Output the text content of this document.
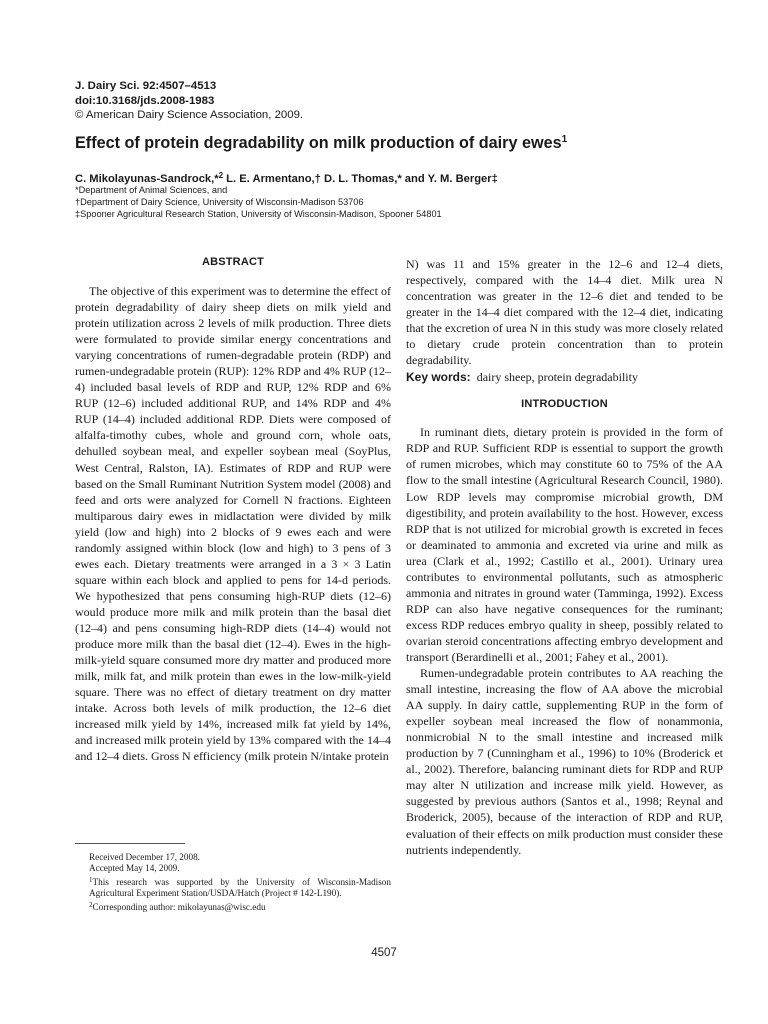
J. Dairy Sci. 92:4507–4513
doi:10.3168/jds.2008-1983
© American Dairy Science Association, 2009.
Effect of protein degradability on milk production of dairy ewes$^1$
C. Mikolayunas-Sandrock,*$^2$ L. E. Armentano,† D. L. Thomas,* and Y. M. Berger‡
*Department of Animal Sciences, and
†Department of Dairy Science, University of Wisconsin-Madison 53706
‡Spooner Agricultural Research Station, University of Wisconsin-Madison, Spooner 54801
ABSTRACT

The objective of this experiment was to determine the effect of protein degradability of dairy sheep diets on milk yield and protein utilization across 2 levels of milk production. Three diets were formulated to provide similar energy concentrations and varying concentrations of rumen-degradable protein (RDP) and rumen-undegradable protein (RUP): 12% RDP and 4% RUP (12–4) included basal levels of RDP and RUP, 12% RDP and 6% RUP (12–6) included additional RUP, and 14% RDP and 4% RUP (14–4) included additional RDP. Diets were composed of alfalfa-timothy cubes, whole and ground corn, whole oats, dehulled soybean meal, and expeller soybean meal (SoyPlus, West Central, Ralston, IA). Estimates of RDP and RUP were based on the Small Ruminant Nutrition System model (2008) and feed and orts were analyzed for Cornell N fractions. Eighteen multiparous dairy ewes in midlactation were divided by milk yield (low and high) into 2 blocks of 9 ewes each and were randomly assigned within block (low and high) to 3 pens of 3 ewes each. Dietary treatments were arranged in a 3 × 3 Latin square within each block and applied to pens for 14-d periods. We hypothesized that pens consuming high-RUP diets (12–6) would produce more milk and milk protein than the basal diet (12–4) and pens consuming high-RDP diets (14–4) would not produce more milk than the basal diet (12–4). Ewes in the high-milk-yield square consumed more dry matter and produced more milk, milk fat, and milk protein than ewes in the low-milk-yield square. There was no effect of dietary treatment on dry matter intake. Across both levels of milk production, the 12–6 diet increased milk yield by 14%, increased milk fat yield by 14%, and increased milk protein yield by 13% compared with the 14–4 and 12–4 diets. Gross N efficiency (milk protein N/intake protein

N) was 11 and 15% greater in the 12–6 and 12–4 diets, respectively, compared with the 14–4 diet. Milk urea N concentration was greater in the 12–6 diet and tended to be greater in the 14–4 diet compared with the 12–4 diet, indicating that the excretion of urea N in this study was more closely related to dietary crude protein concentration than to protein degradability.

Key words: dairy sheep, protein degradability
INTRODUCTION

In ruminant diets, dietary protein is provided in the form of RDP and RUP. Sufficient RDP is essential to support the growth of rumen microbes, which may constitute 60 to 75% of the AA flow to the small intestine (Agricultural Research Council, 1980). Low RDP levels may compromise microbial growth, DM digestibility, and protein availability to the host. However, excess RDP that is not utilized for microbial growth is excreted in feces or deaminated to ammonia and excreted via urine and milk as urea (Clark et al., 1992; Castillo et al., 2001). Urinary urea contributes to environmental pollutants, such as atmospheric ammonia and nitrates in ground water (Tamminga, 1992). Excess RDP can also have negative consequences for the ruminant; excess RDP reduces embryo quality in sheep, possibly related to ovarian steroid concentrations affecting embryo development and transport (Berardinelli et al., 2001; Fahey et al., 2001).

Rumen-undegradable protein contributes to AA reaching the small intestine, increasing the flow of AA above the microbial AA supply. In dairy cattle, supplementing RUP in the form of expeller soybean meal increased the flow of nonammonia, nonmicrobial N to the small intestine and increased milk production by 7 (Cunningham et al., 1996) to 10% (Broderick et al., 2002). Therefore, balancing ruminant diets for RDP and RUP may alter N utilization and increase milk yield. However, as suggested by previous authors (Santos et al., 1998; Reynal and Broderick, 2005), because of the interaction of RDP and RUP, evaluation of their effects on milk production must consider these nutrients independently.

Received December 17, 2008.
Accepted May 14, 2009.
$^1$This research was supported by the University of Wisconsin-Madison Agricultural Experiment Station/USDA/Hatch (Project # 142-L190).
$^2$Corresponding author: mikolayunas@wisc.edu
4507
